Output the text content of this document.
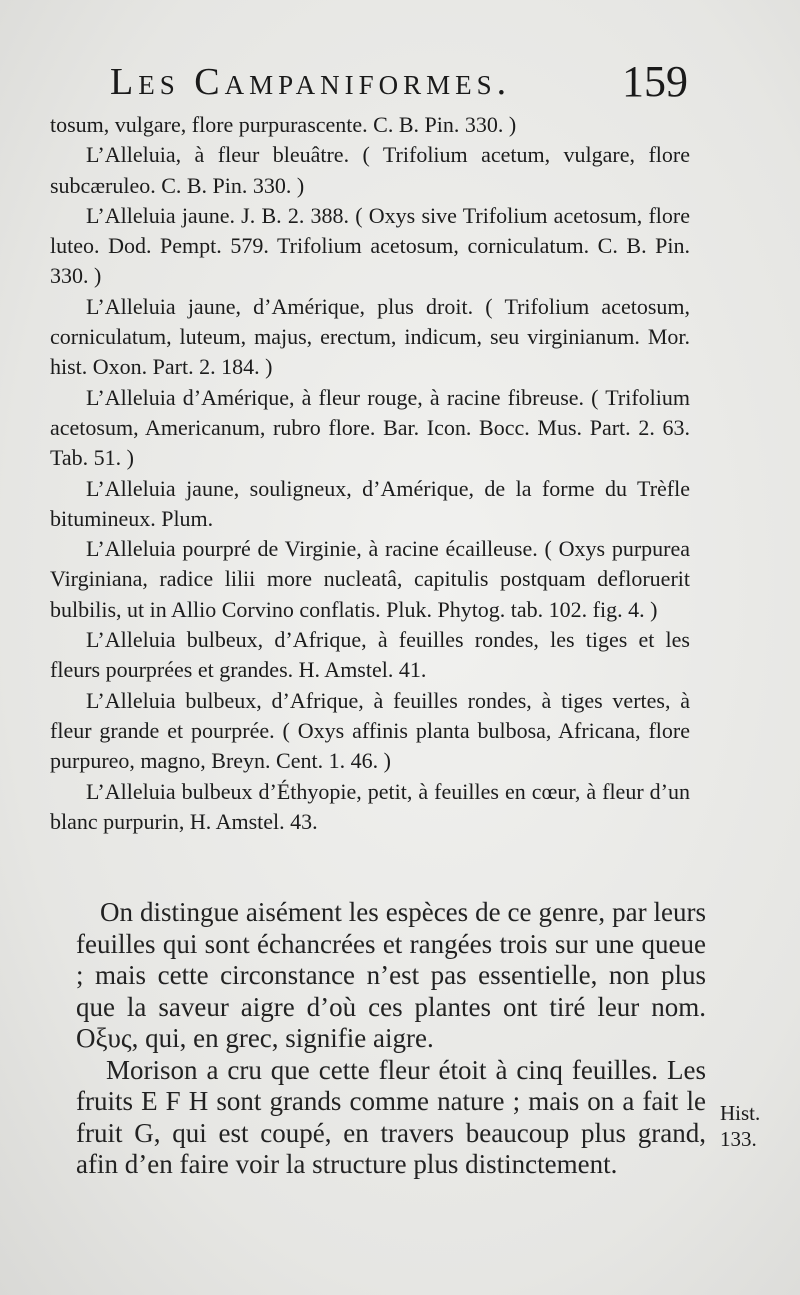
Les Campaniformes.	159

tosum, vulgare, flore purpurascente. C. B. Pin. 330. )

L’Alleluia, à fleur bleuâtre. ( Trifolium acetum, vulgare, flore subcæruleo. C. B. Pin. 330. )

L’Alleluia jaune. J. B. 2. 388. ( Oxys sive Trifolium acetosum, flore luteo. Dod. Pempt. 579. Trifolium acetosum, corniculatum. C. B. Pin. 330. )

L’Alleluia jaune, d’Amérique, plus droit. ( Trifolium acetosum, corniculatum, luteum, majus, erectum, indicum, seu virginianum. Mor. hist. Oxon. Part. 2. 184. )

L’Alleluia d’Amérique, à fleur rouge, à racine fibreuse. ( Trifolium acetosum, Americanum, rubro flore. Bar. Icon. Bocc. Mus. Part. 2. 63. Tab. 51. )

L’Alleluia jaune, souligneux, d’Amérique, de la forme du Trèfle bitumineux. Plum.

L’Alleluia pourpré de Virginie, à racine écailleuse. ( Oxys purpurea Virginiana, radice lilii more nucleatâ, capitulis postquam defloruerit bulbilis, ut in Allio Corvino conflatis. Pluk. Phytog. tab. 102. fig. 4. )

L’Alleluia bulbeux, d’Afrique, à feuilles rondes, les tiges et les fleurs pourprées et grandes. H. Amstel. 41.

L’Alleluia bulbeux, d’Afrique, à feuilles rondes, à tiges vertes, à fleur grande et pourprée. ( Oxys affinis planta bulbosa, Africana, flore purpureo, magno, Breyn. Cent. 1. 46. )

L’Alleluia bulbeux d’Éthyopie, petit, à feuilles en cœur, à fleur d’un blanc purpurin, H. Amstel. 43.

On distingue aisément les espèces de ce genre, par leurs feuilles qui sont échancrées et rangées trois sur une queue ; mais cette circonstance n’est pas essentielle, non plus que la saveur aigre d’où ces plantes ont tiré leur nom. Οξυς, qui, en grec, signifie aigre.

Morison a cru que cette fleur étoit à cinq feuilles. Les fruits E F H sont grands comme nature ; mais on a fait le fruit G, qui est coupé, en travers beaucoup plus grand, afin d’en faire voir la structure plus distinctement.

Hist.
133.
